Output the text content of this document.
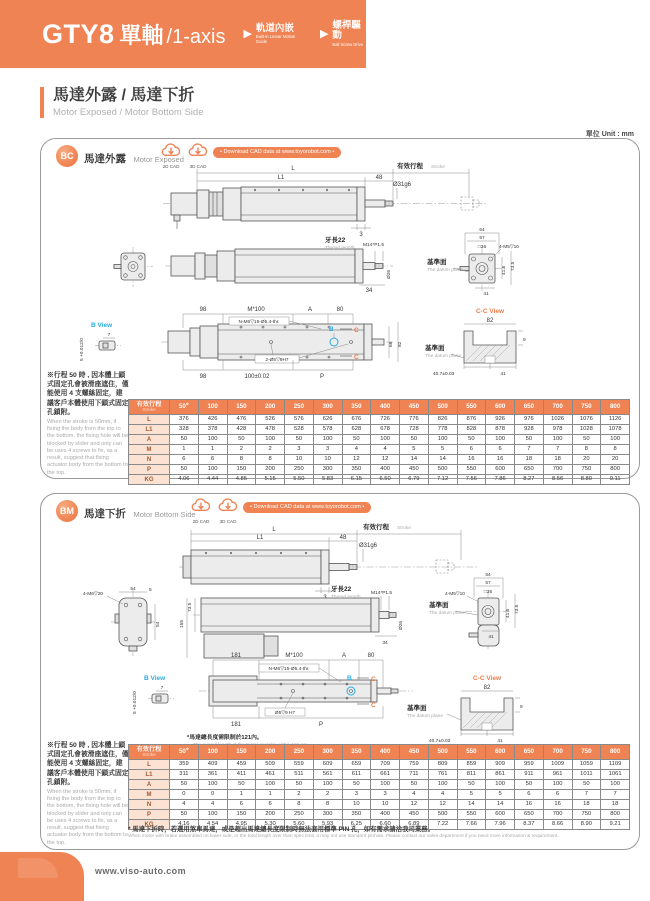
GTY8 單軸 /1-axis ▶ 軌道內嵌
Built-in Linear Motion Guide
▶
螺桿驅動
Ball Screw Drive
馬達外露 / 馬達下折
Motor Exposed / Motor Bottom Side
單位 Unit : mm
L
L1	48
有效行程 Stroke
Ø31g6
3
牙長22
Thread length
M14*P1.5
34
Ø26
64
57
□36	4-M5▽10
基準面
The datum plane	41.5 73.5
41
B View
7
5 +0.012/0
98	M*100	A	80
N-M6▽15-Ø5.4-thr.
2-Ø5▽9H7
B	C
C
98	100±0.02	P
68 82
C-C View
82
9
基準面
The datum plane
40.7±0.03	41
BC	馬達外露 Motor Exposed
2D CAD	3D CAD
• Download CAD data at www.toyorobot.com •
※行程 50 時 , 因本體上鎖式固定孔會被滑座遮住，僅能使用 4 支螺絲固定，建議客戶本體使用下鎖式固定孔鎖附。
When the stroke is 50mm, if fixing the body from the top to the bottom, the fixing hole will be blocked by slider and only can be uses 4 screws to fix, as a result, suggest that fixing actuator body from the bottom to the top.
有效行程
Stroke	50※	100	150	200	250	300	350	400	450	500	550	600	650	700	750	800
L	376	426	476	526	576	626	676	726	776	826	876	926	976	1026	1076	1126
L1	328	378	428	478	528	578	628	678	728	778	828	878	928	978	1028	1078
A	50	100	50	100	50	100	50	100	50	100	50	100	50	100	50	100
M	1	1	2	2	3	3	4	4	5	5	6	6	7	7	8	8
N	6	6	8	8	10	10	12	12	14	14	16	16	18	18	20	20
P	50	100	150	200	250	300	350	400	450	500	550	600	650	700	750	800
KG	4.06	4.44	4.85	5.15	5.50	5.83	6.15	6.50	6.79	7.12	7.56	7.86	8.27	8.56	8.80	9.11
L
L1	48
有效行程 Stroke
Ø31g6
54
4-M6▽20
5
54
73.5
155
牙長22
Thread length
M14*P1.5
34
Ø26
64
57
□36
4-M5▽10
基準面
The datum plane	41.5 73.5
41
B View
7
5 +0.012/0
181	M*100	A	80
N-M6▽15-Ø5.4-thr.
Ø5▽9 H7
B	C
C
181	P
*馬達總長度需限制於121內。
C-C View
82
9
基準面
The datum plane
40.7±0.03	41
BM 馬達下折 Motor Bottom Side
2D CAD	3D CAD
• Download CAD data at www.toyorobot.com •
※行程 50 時 , 因本體上鎖式固定孔會被滑座遮住，僅能使用 4 支螺絲固定，建議客戶本體使用下鎖式固定孔鎖附。
When the stroke is 50mm, if fixing the body from the top to the bottom, the fixing hole will be blocked by slider and only can be uses 4 screws to fix, as a result, suggest that fixing actuator body from the bottom to the top.
有效行程
Stroke	50※	100	150	200	250	300	350	400	450	500	550	600	650	700	750	800
L	359	409	459	509	559	609	659	709	759	809	859	909	959	1009	1059	1109
L1	311	361	411	461	511	561	611	661	711	761	811	861	911	961	1011	1061
A	50	100	50	100	50	100	50	100	50	100	50	100	50	100	50	100
M	0	0	1	1	2	2	3	3	4	4	5	5	6	6	7	7
N	4	4	6	6	8	8	10	10	12	12	14	14	16	16	18	18
P	50	100	150	200	250	300	350	400	450	500	550	600	650	700	750	800
KG	4.16	4.54	4.95	5.30	5.60	5.93	6.25	6.60	6.89	7.22	7.66	7.96	8.37	8.66	8.90	9.21
* 馬達下折時，若選用煞車馬達，或是超出馬達總長度限制時無法套用標準 PIN 孔，如有需求請洽我司業務。
When motor with brake assembled on lower side, or the total length over than spec limit, it may not use standard pinhole. Please contact our sales department if you need more information & requirement.
www.viso-auto.com
